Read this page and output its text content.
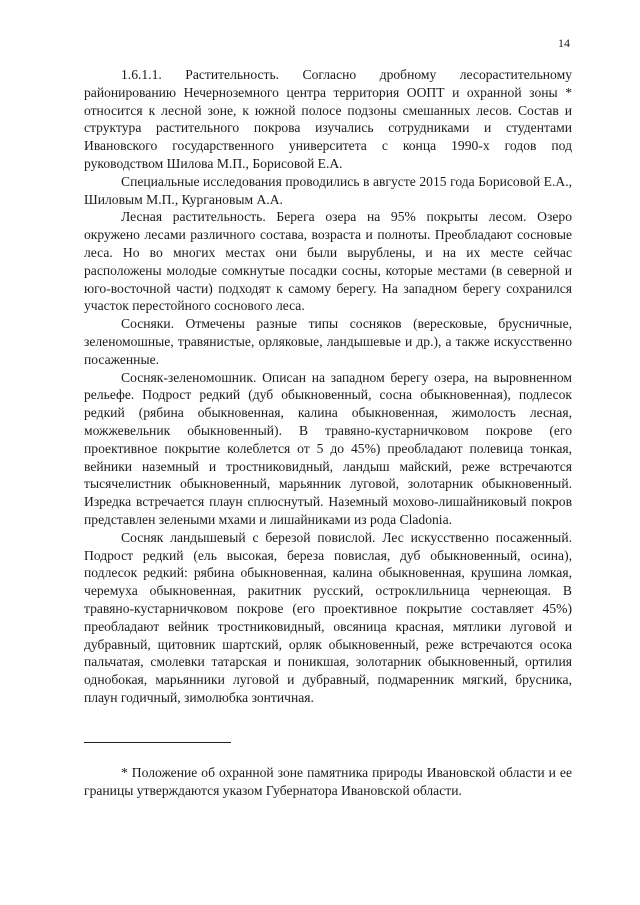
14

1.6.1.1. Растительность. Согласно дробному лесорастительному районированию Нечерноземного центра территория ООПТ и охранной зоны * относится к лесной зоне, к южной полосе подзоны смешанных лесов. Состав и структура растительного покрова изучались сотрудниками и студентами Ивановского государственного университета с конца 1990-х годов под руководством Шилова М.П., Борисовой Е.А.

Специальные исследования проводились в августе 2015 года Борисовой Е.А., Шиловым М.П., Кургановым А.А.

Лесная растительность. Берега озера на 95% покрыты лесом. Озеро окружено лесами различного состава, возраста и полноты. Преобладают сосновые леса. Но во многих местах они были вырублены, и на их месте сейчас расположены молодые сомкнутые посадки сосны, которые местами (в северной и юго-восточной части) подходят к самому берегу. На западном берегу сохранился участок перестойного соснового леса.

Сосняки. Отмечены разные типы сосняков (вересковые, брусничные, зеленомошные, травянистые, орляковые, ландышевые и др.), а также искусственно посаженные.

Сосняк-зеленомошник. Описан на западном берегу озера, на выровненном рельефе. Подрост редкий (дуб обыкновенный, сосна обыкновенная), подлесок редкий (рябина обыкновенная, калина обыкновенная, жимолость лесная, можжевельник обыкновенный). В травяно-кустарничковом покрове (его проективное покрытие колеблется от 5 до 45%) преобладают полевица тонкая, вейники наземный и тростниковидный, ландыш майский, реже встречаются тысячелистник обыкновенный, марьянник луговой, золотарник обыкновенный. Изредка встречается плаун сплюснутый. Наземный мохово-лишайниковый покров представлен зелеными мхами и лишайниками из рода Cladonia.

Сосняк ландышевый с березой повислой. Лес искусственно посаженный. Подрост редкий (ель высокая, береза повислая, дуб обыкновенный, осина), подлесок редкий: рябина обыкновенная, калина обыкновенная, крушина ломкая, черемуха обыкновенная, ракитник русский, остроклильница чернеющая. В травяно-кустарничковом покрове (его проективное покрытие составляет 45%) преобладают вейник тростниковидный, овсяница красная, мятлики луговой и дубравный, щитовник шартский, орляк обыкновенный, реже встречаются осока пальчатая, смолевки татарская и поникшая, золотарник обыкновенный, ортилия однобокая, марьянники луговой и дубравный, подмаренник мягкий, брусника, плаун годичный, зимолюбка зонтичная.

* Положение об охранной зоне памятника природы Ивановской области и ее границы утверждаются указом Губернатора Ивановской области.
